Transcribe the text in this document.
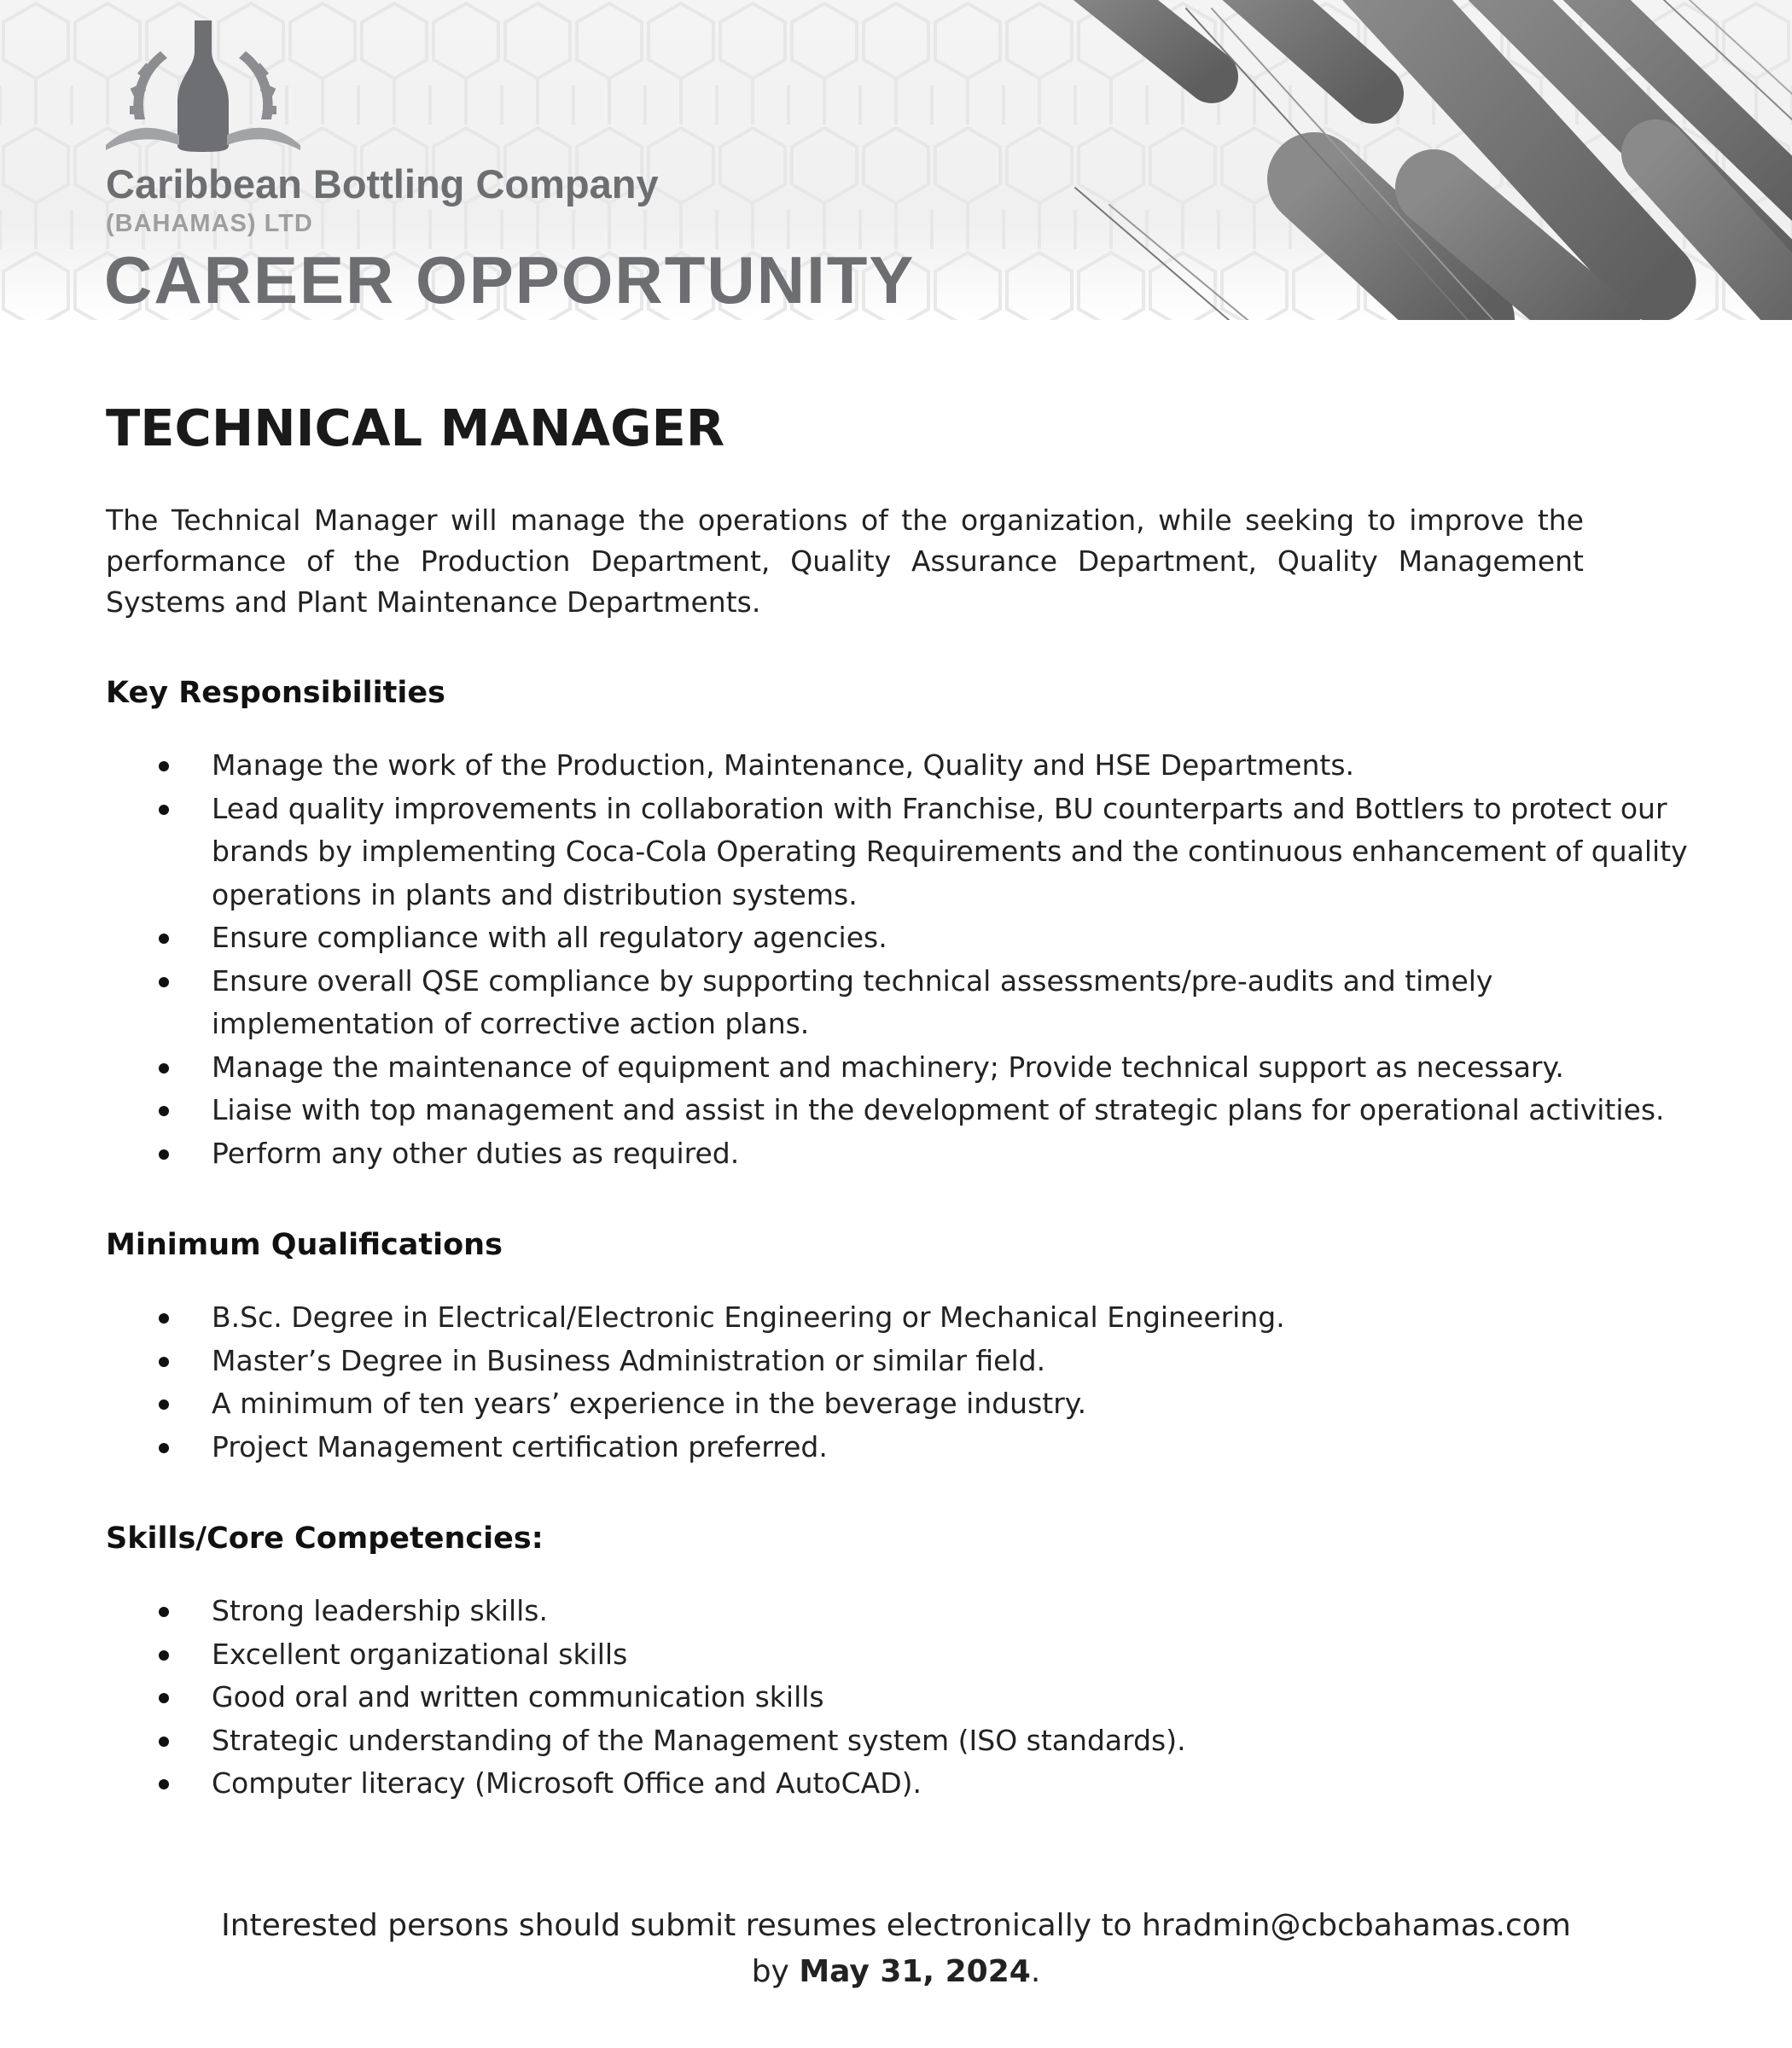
Caribbean Bottling Company

(BAHAMAS) LTD

CAREER OPPORTUNITY
TECHNICAL MANAGER

The Technical Manager will manage the operations of the organization, while seeking to improve the performance of the Production Department, Quality Assurance Department, Quality Management Systems and Plant Maintenance Departments.

Key Responsibilities
Manage the work of the Production, Maintenance, Quality and HSE Departments.
Lead quality improvements in collaboration with Franchise, BU counterparts and Bottlers to protect our brands by implementing Coca-Cola Operating Requirements and the continuous enhancement of quality operations in plants and distribution systems.
Ensure compliance with all regulatory agencies.
Ensure overall QSE compliance by supporting technical assessments/pre-audits and timely implementation of corrective action plans.
Manage the maintenance of equipment and machinery; Provide technical support as necessary.
Liaise with top management and assist in the development of strategic plans for operational activities.
Perform any other duties as required.
Minimum Qualifications
B.Sc. Degree in Electrical/Electronic Engineering or Mechanical Engineering.
Master’s Degree in Business Administration or similar field.
A minimum of ten years’ experience in the beverage industry.
Project Management certification preferred.
Skills/Core Competencies:
Strong leadership skills.
Excellent organizational skills
Good oral and written communication skills
Strategic understanding of the Management system (ISO standards).
Computer literacy (Microsoft Office and AutoCAD).

Interested persons should submit resumes electronically to hradmin@cbcbahamas.com

by May 31, 2024.
